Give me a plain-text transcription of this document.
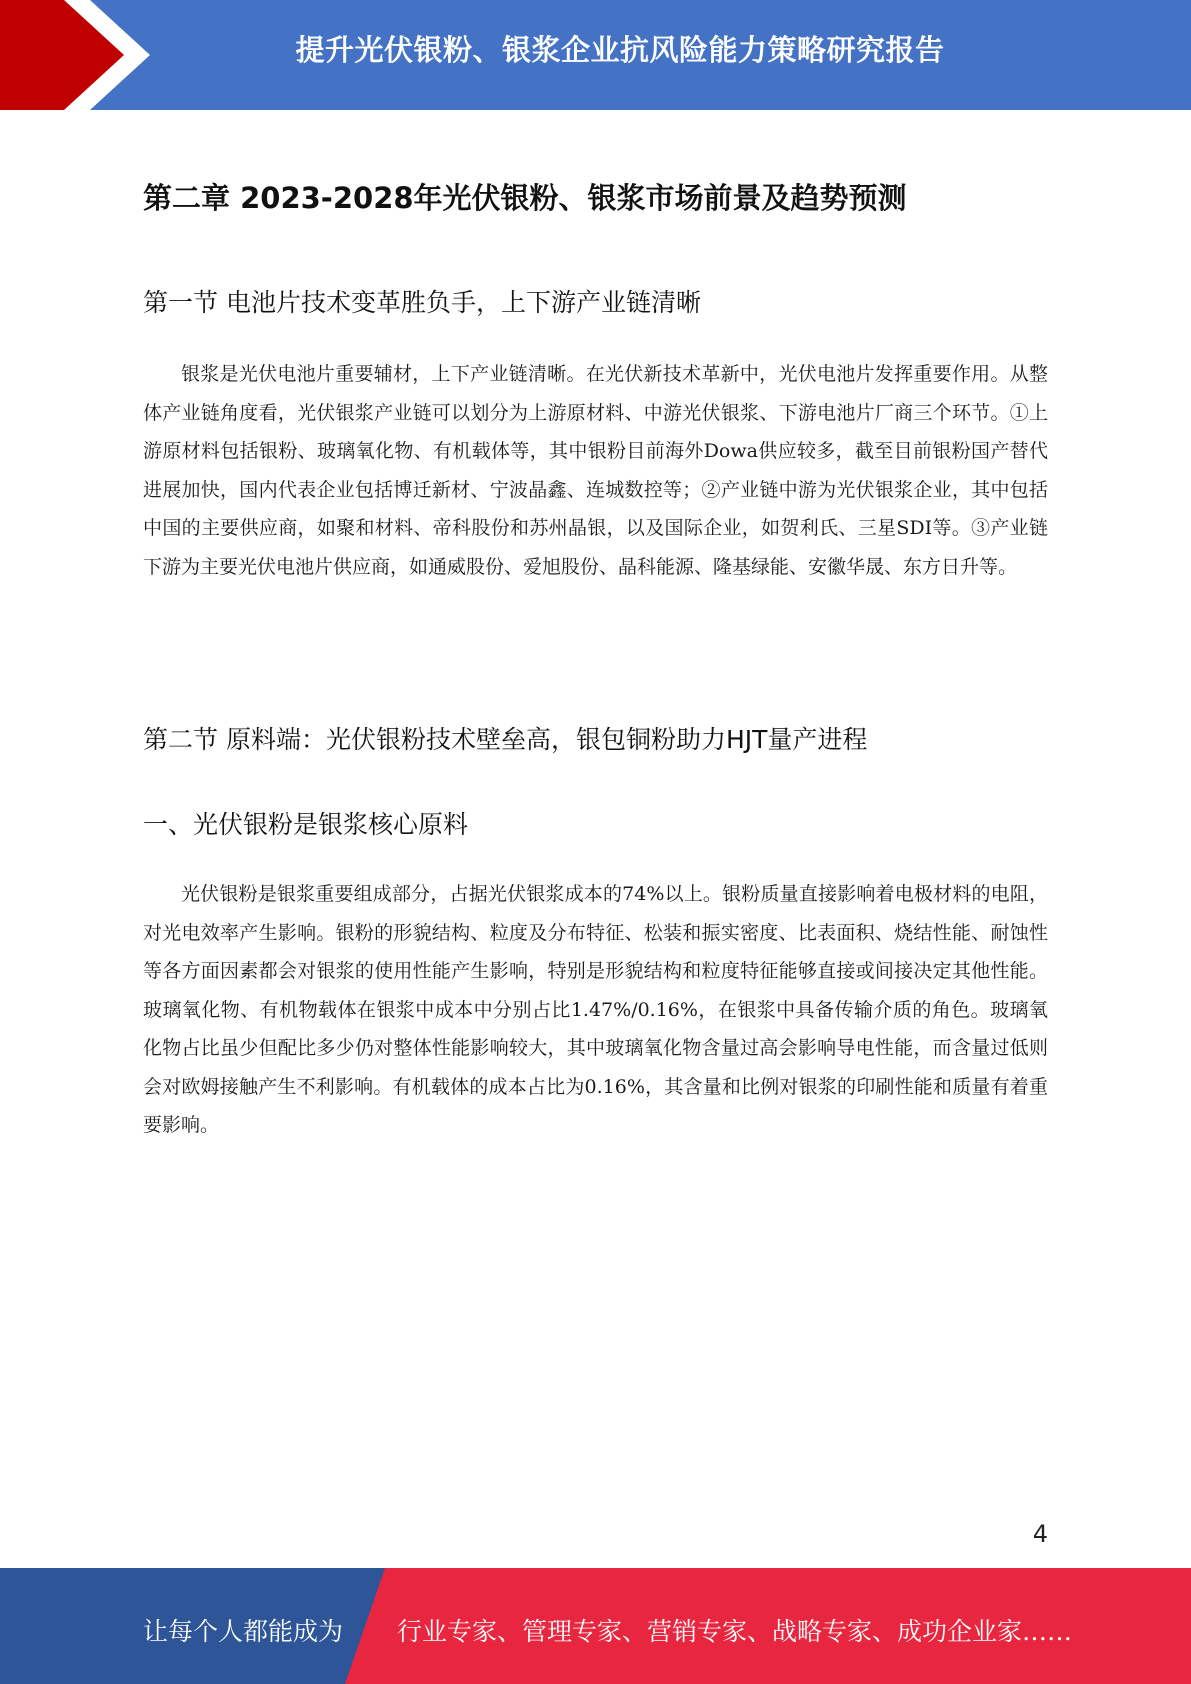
提升光伏银粉、银浆企业抗风险能力策略研究报告
第二章 2023-2028年光伏银粉、银浆市场前景及趋势预测
第一节 电池片技术变革胜负手，上下游产业链清晰

银浆是光伏电池片重要辅材，上下产业链清晰。在光伏新技术革新中，光伏电池片发挥重要作用。从整体产业链角度看，光伏银浆产业链可以划分为上游原材料、中游光伏银浆、下游电池片厂商三个环节。①上游原材料包括银粉、玻璃氧化物、有机载体等，其中银粉目前海外Dowa供应较多，截至目前银粉国产替代进展加快，国内代表企业包括博迁新材、宁波晶鑫、连城数控等；②产业链中游为光伏银浆企业，其中包括中国的主要供应商，如聚和材料、帝科股份和苏州晶银，以及国际企业，如贺利氏、三星SDI等。③产业链下游为主要光伏电池片供应商，如通威股份、爱旭股份、晶科能源、隆基绿能、安徽华晟、东方日升等。

第二节 原料端：光伏银粉技术壁垒高，银包铜粉助力HJT量产进程
一、光伏银粉是银浆核心原料

光伏银粉是银浆重要组成部分，占据光伏银浆成本的74%以上。银粉质量直接影响着电极材料的电阻，对光电效率产生影响。银粉的形貌结构、粒度及分布特征、松装和振实密度、比表面积、烧结性能、耐蚀性等各方面因素都会对银浆的使用性能产生影响，特别是形貌结构和粒度特征能够直接或间接决定其他性能。玻璃氧化物、有机物载体在银浆中成本中分别占比1.47%/0.16%，在银浆中具备传输介质的角色。玻璃氧化物占比虽少但配比多少仍对整体性能影响较大，其中玻璃氧化物含量过高会影响导电性能，而含量过低则会对欧姆接触产生不利影响。有机载体的成本占比为0.16%，其含量和比例对银浆的印刷性能和质量有着重要影响。

4
让每个人都能成为 行业专家、管理专家、营销专家、战略专家、成功企业家……
